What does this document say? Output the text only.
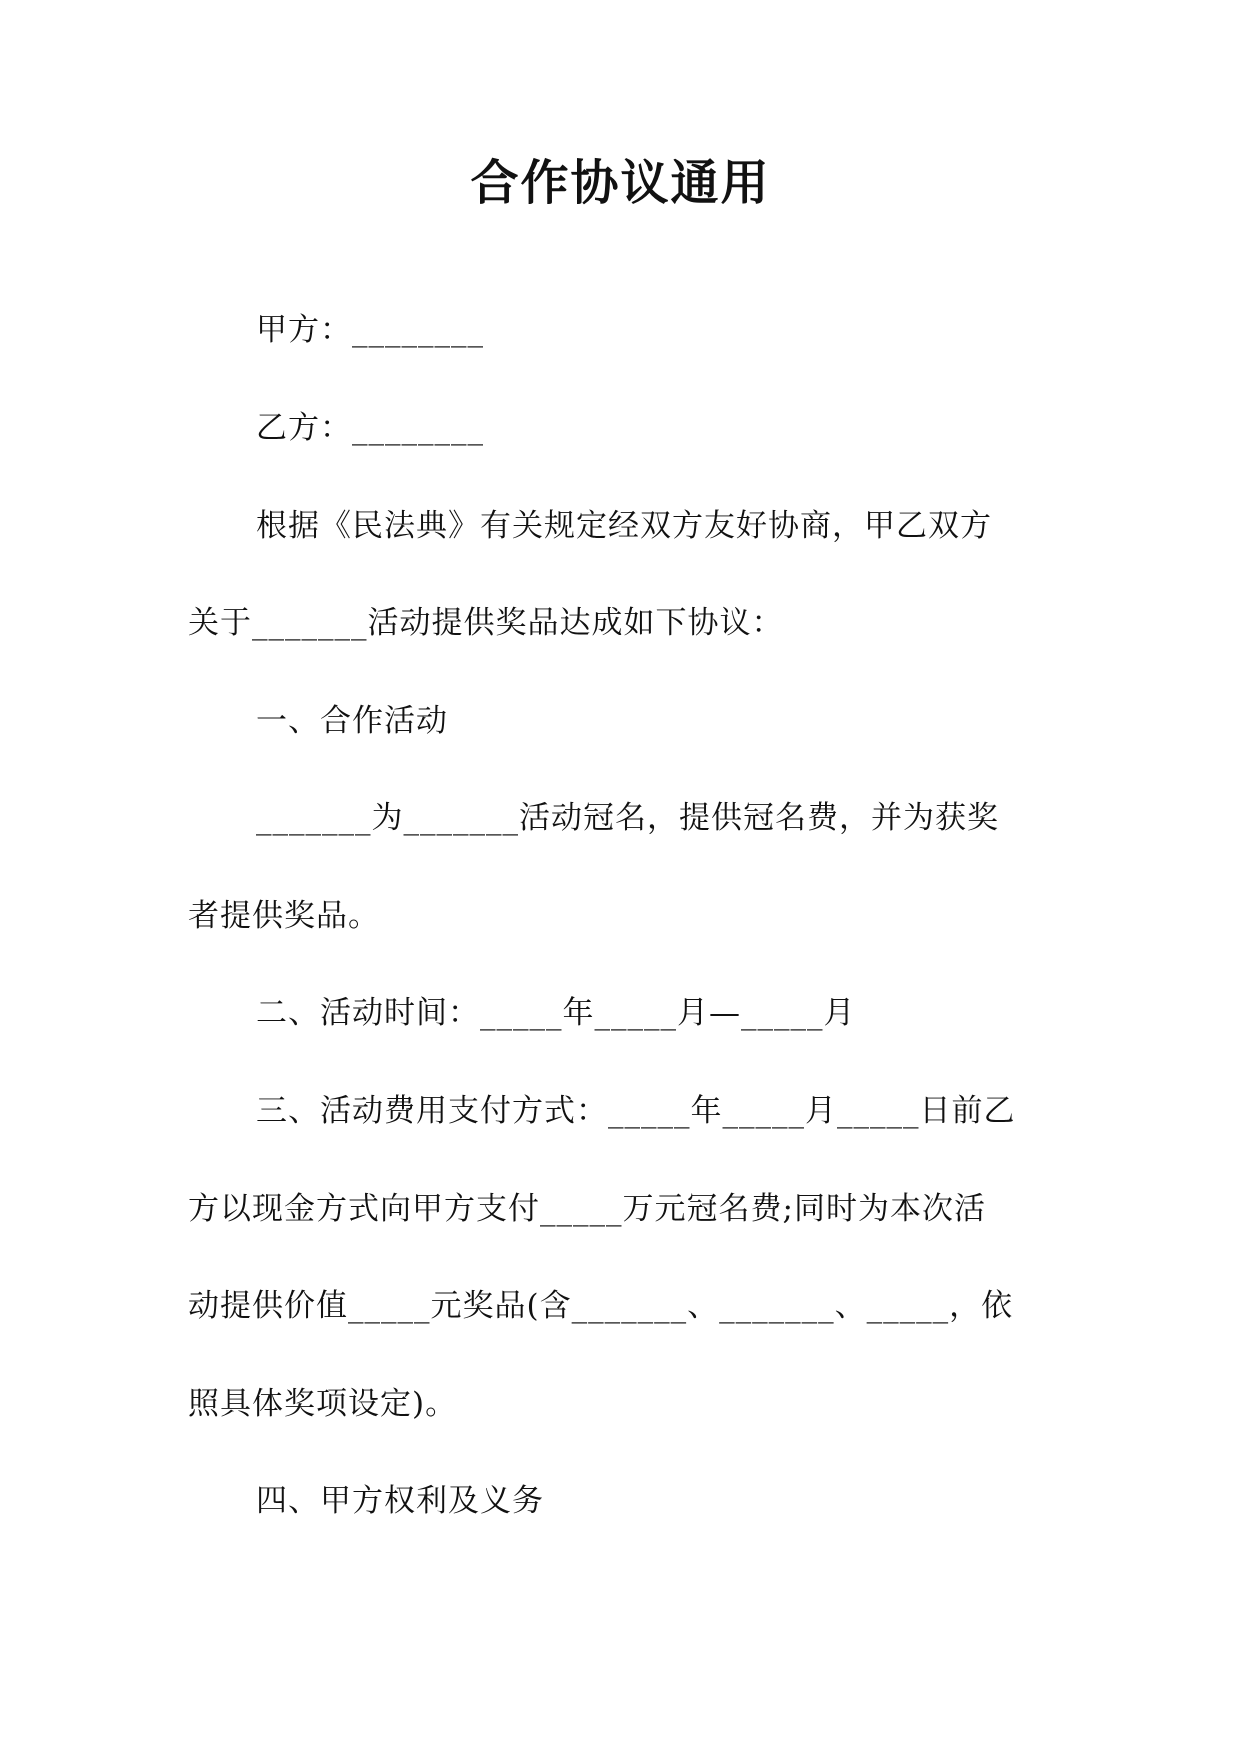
合作协议通用
甲方：________
乙方：________
根据《民法典》有关规定经双方友好协商，甲乙双方
关于_______活动提供奖品达成如下协议：
一、合作活动
_______为_______活动冠名，提供冠名费，并为获奖
者提供奖品。
二、活动时间：_____年_____月—_____月
三、活动费用支付方式：_____年_____月_____日前乙
方以现金方式向甲方支付_____万元冠名费;同时为本次活
动提供价值_____元奖品(含_______、_______、_____，依
照具体奖项设定)。
四、甲方权利及义务
